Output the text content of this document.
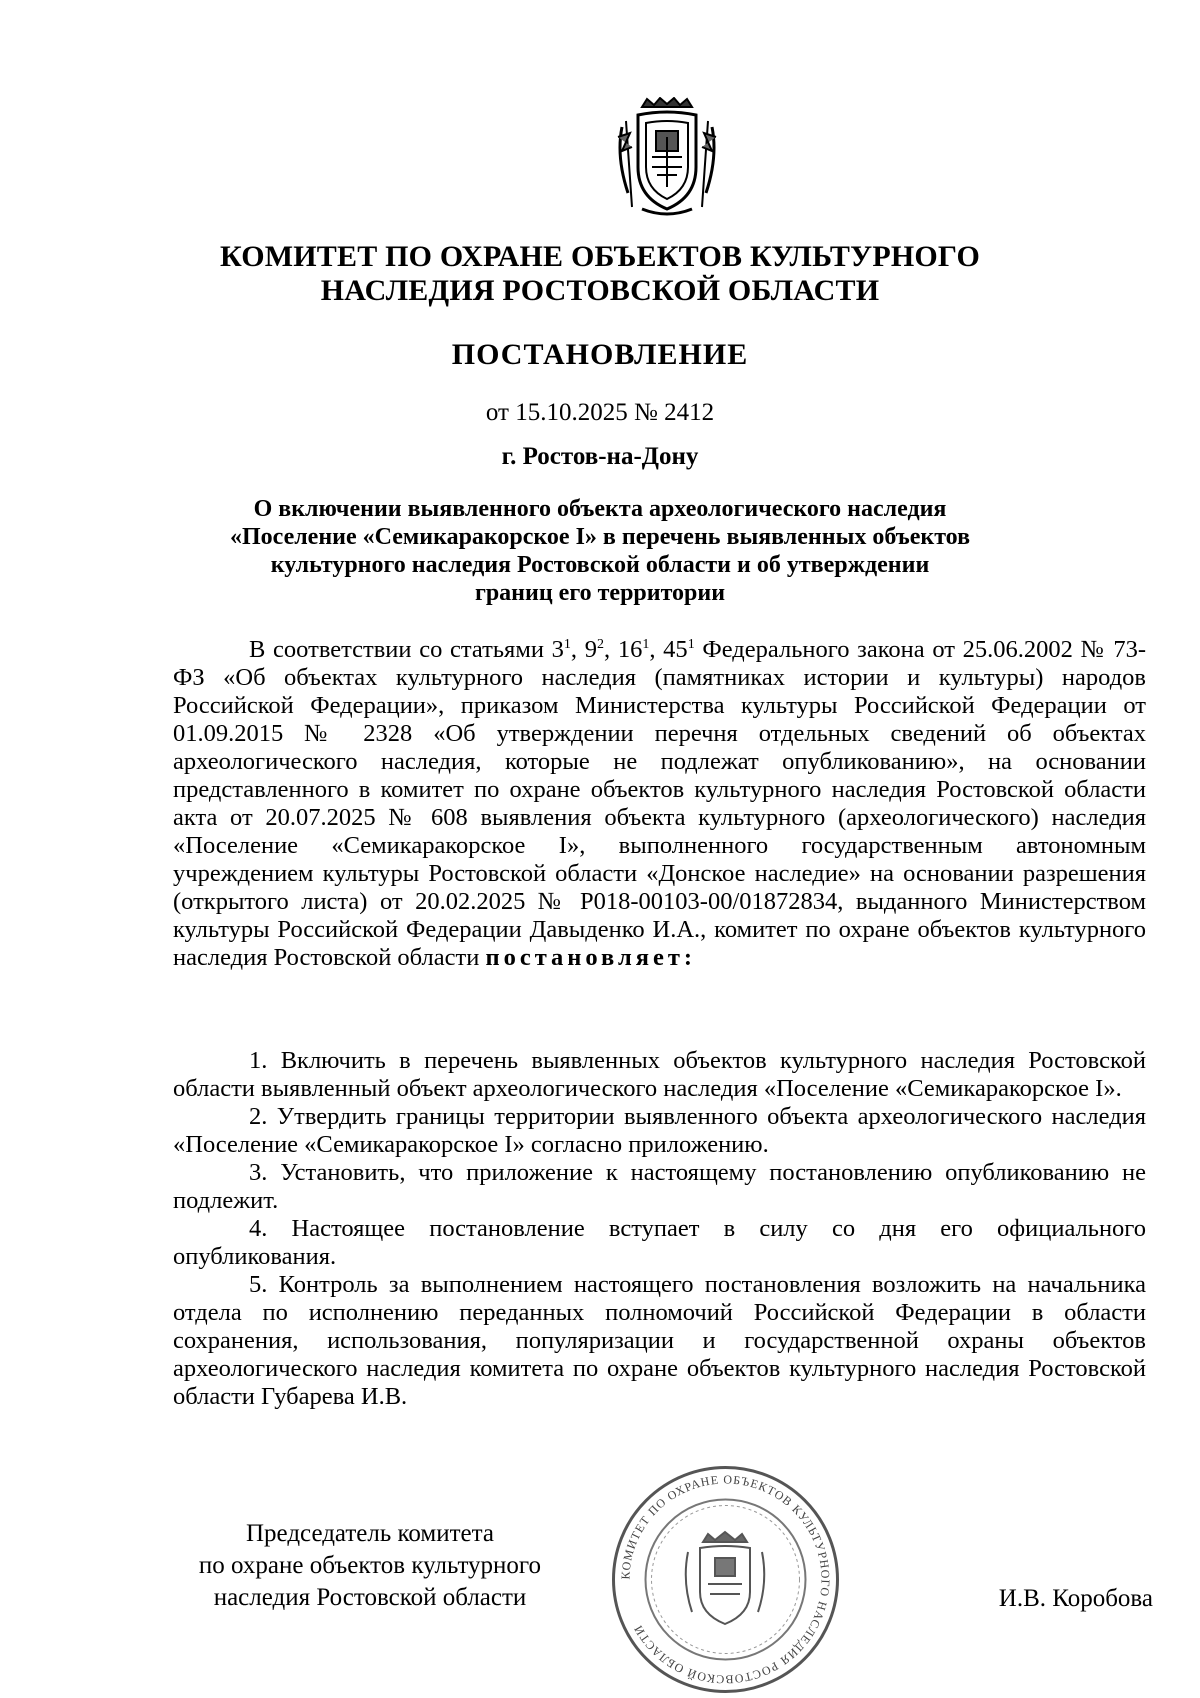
КОМИТЕТ ПО ОХРАНЕ ОБЪЕКТОВ КУЛЬТУРНОГО
НАСЛЕДИЯ РОСТОВСКОЙ ОБЛАСТИ
ПОСТАНОВЛЕНИЕ
от 15.10.2025 № 2412
г. Ростов-на-Дону
О включении выявленного объекта археологического наследия
«Поселение «Семикаракорское I» в перечень выявленных объектов
культурного наследия Ростовской области и об утверждении
границ его территории

В соответствии со статьями $3^1$, $9^2$, $16^1$, $45^1$ Федерального закона от 25.06.2002 № 73-ФЗ «Об объектах культурного наследия (памятниках истории и культуры) народов Российской Федерации», приказом Министерства культуры Российской Федерации от 01.09.2015 № 2328 «Об утверждении перечня отдельных сведений об объектах археологического наследия, которые не подлежат опубликованию», на основании представленного в комитет по охране объектов культурного наследия Ростовской области акта от 20.07.2025 № 608 выявления объекта культурного (археологического) наследия «Поселение «Семикаракорское I», выполненного государственным автономным учреждением культуры Ростовской области «Донское наследие» на основании разрешения (открытого листа) от 20.02.2025 № Р018-00103-00/01872834, выданного Министерством культуры Российской Федерации Давыденко И.А., комитет по охране объектов культурного наследия Ростовской области постановляет:

1. Включить в перечень выявленных объектов культурного наследия Ростовской области выявленный объект археологического наследия «Поселение «Семикаракорское I».

2. Утвердить границы территории выявленного объекта археологического наследия «Поселение «Семикаракорское I» согласно приложению.

3. Установить, что приложение к настоящему постановлению опубликованию не подлежит.

4. Настоящее постановление вступает в силу со дня его официального опубликования.

5. Контроль за выполнением настоящего постановления возложить на начальника отдела по исполнению переданных полномочий Российской Федерации в области сохранения, использования, популяризации и государственной охраны объектов археологического наследия комитета по охране объектов культурного наследия Ростовской области Губарева И.В.

Председатель комитета
по охране объектов культурного
наследия Ростовской области
КОМИТЕТ ПО ОХРАНЕ ОБЪЕКТОВ КУЛЬТУРНОГО НАСЛЕДИЯ РОСТОВСКОЙ ОБЛАСТИ
И.В. Коробова
